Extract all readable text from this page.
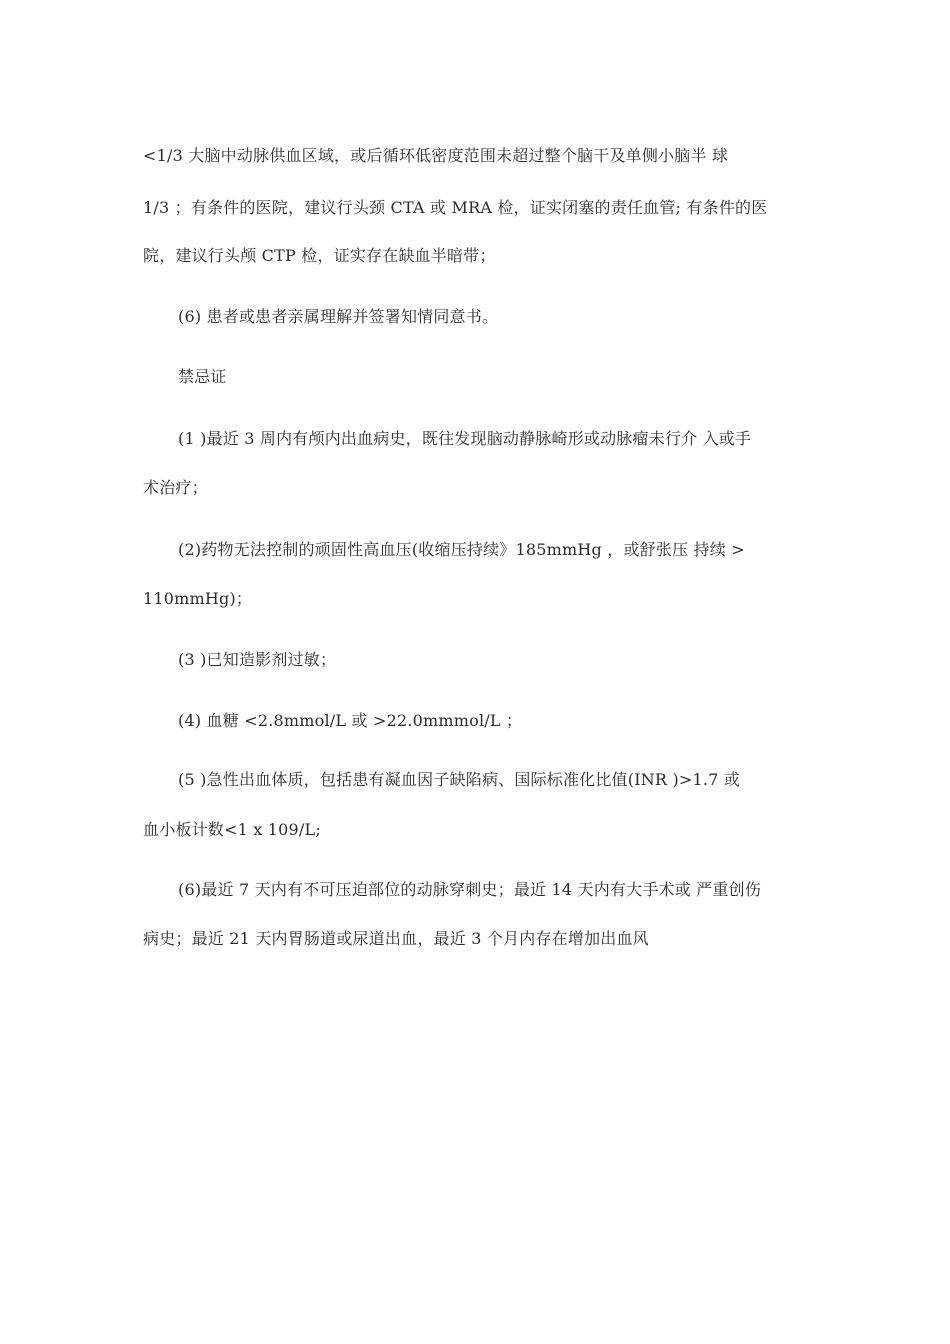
<1/3 大脑中动脉供血区域，或后循环低密度范围未超过整个脑干及单侧小脑半 球
1/3 ；有条件的医院，建议行头颈 CTA 或 MRA 检，证实闭塞的责任血管; 有条件的医
院，建议行头颅 CTP 检，证实存在缺血半暗带；
(6) 患者或患者亲属理解并签署知情同意书。
禁忌证
(1 )最近 3 周内有颅内出血病史，既往发现脑动静脉崎形或动脉瘤未行介 入或手
术治疗；
(2)药物无法控制的顽固性高血压(收缩压持续》185mmHg ，或舒张压 持续 >
110mmHg)；
(3 )已知造影剂过敏；
(4) 血糖 <2.8mmol/L 或 >22.0mmmol/L ；
(5 )急性出血体质，包括患有凝血因子缺陷病、国际标准化比值(INR )>1.7 或
血小板计数<1 x 109/L;
(6)最近 7 天内有不可压迫部位的动脉穿刺史；最近 14 天内有大手术或 严重创伤
病史；最近 21 天内胃肠道或尿道出血，最近 3 个月内存在增加出血风
